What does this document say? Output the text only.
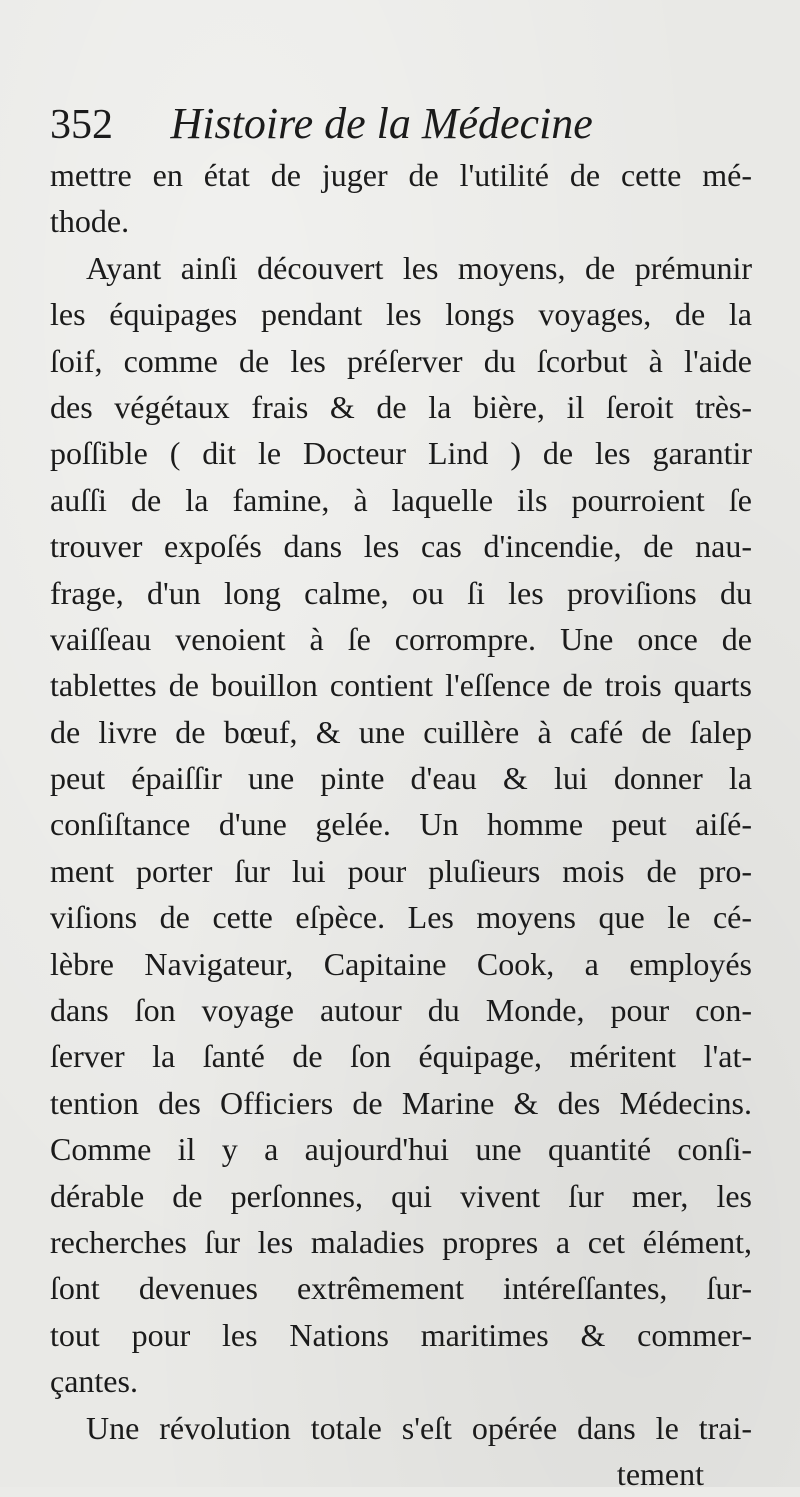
352 Histoire de la Médecine
mettre en état de juger de l'utilité de cette mé-
thode.
Ayant ainſi découvert les moyens, de prémunir
les équipages pendant les longs voyages, de la
ſoif, comme de les préſerver du ſcorbut à l'aide
des végétaux frais & de la bière, il ſeroit très-
poſſible ( dit le Docteur Lind ) de les garantir
auſſi de la famine, à laquelle ils pourroient ſe
trouver expoſés dans les cas d'incendie, de nau-
frage, d'un long calme, ou ſi les proviſions du
vaiſſeau venoient à ſe corrompre. Une once de
tablettes de bouillon contient l'eſſence de trois quarts
de livre de bœuf, & une cuillère à café de ſalep
peut épaiſſir une pinte d'eau & lui donner la
conſiſtance d'une gelée. Un homme peut aiſé-
ment porter ſur lui pour pluſieurs mois de pro-
viſions de cette eſpèce. Les moyens que le cé-
lèbre Navigateur, Capitaine Cook, a employés
dans ſon voyage autour du Monde, pour con-
ſerver la ſanté de ſon équipage, méritent l'at-
tention des Officiers de Marine & des Médecins.
Comme il y a aujourd'hui une quantité conſi-
dérable de perſonnes, qui vivent ſur mer, les
recherches ſur les maladies propres a cet élément,
ſont devenues extrêmement intéreſſantes, ſur-
tout pour les Nations maritimes & commer-
çantes.
Une révolution totale s'eſt opérée dans le trai-
tement
